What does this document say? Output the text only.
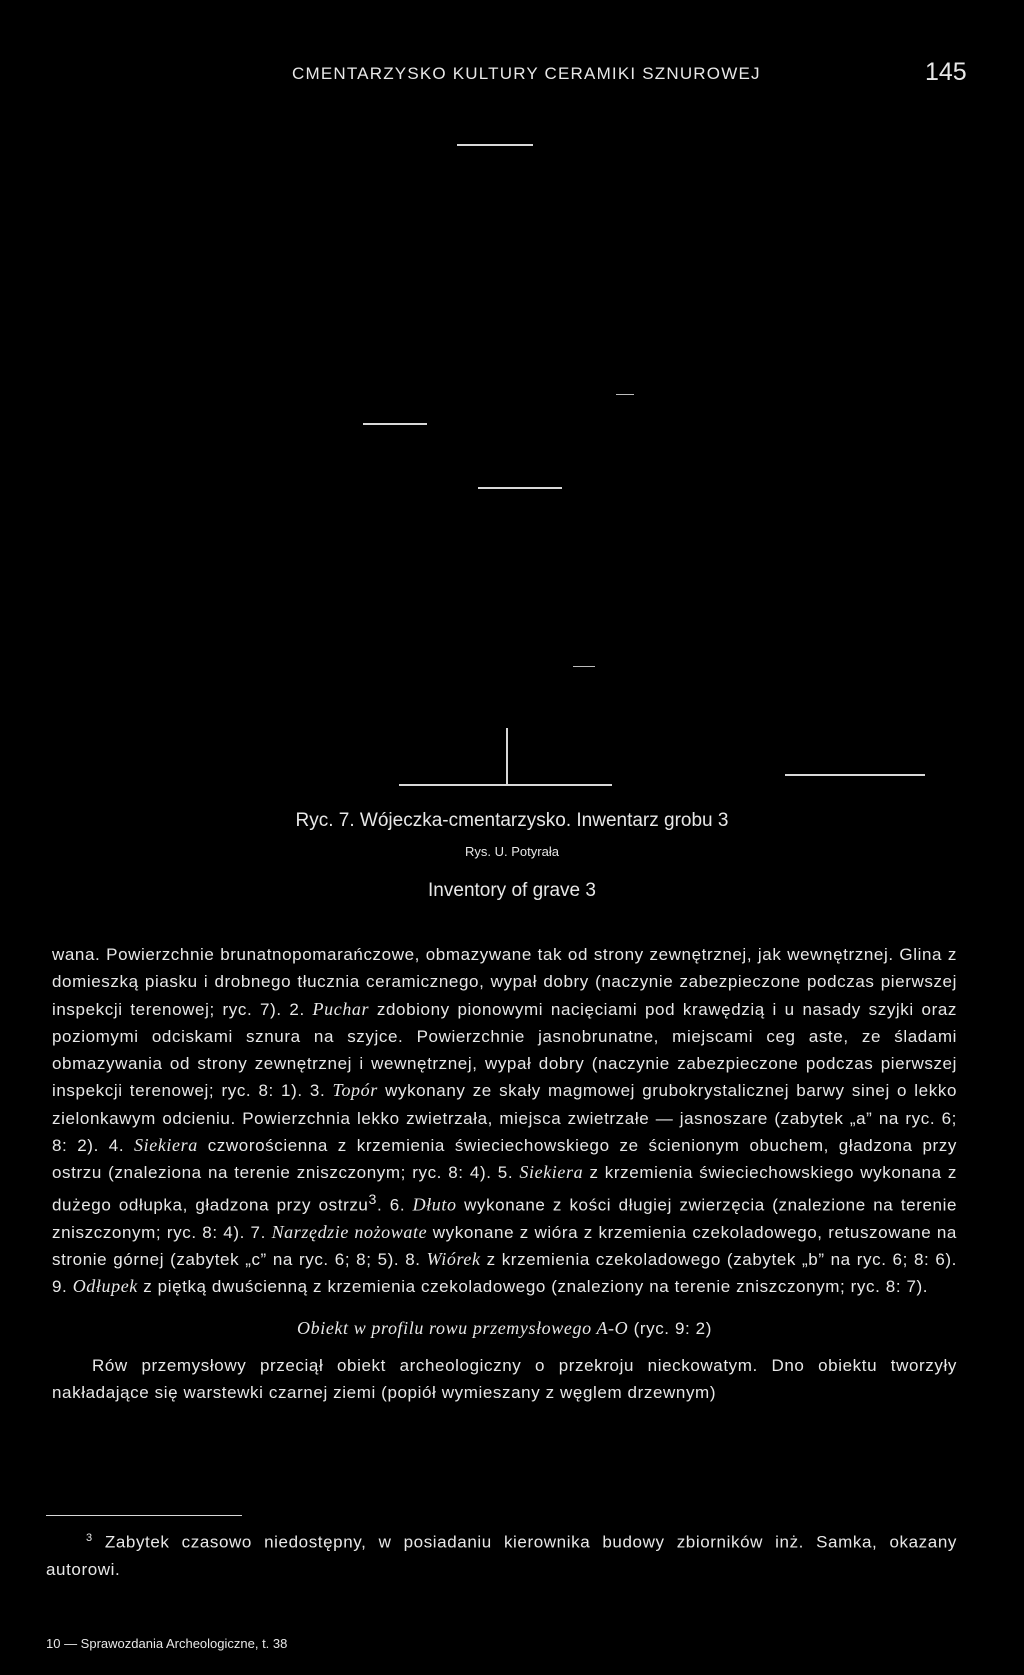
CMENTARZYSKO KULTURY CERAMIKI SZNUROWEJ	145
Ryc. 7. Wójeczka-cmentarzysko. Inwentarz grobu 3
Rys. U. Potyrała
Inventory of grave 3

wana. Powierzchnie brunatnopomarańczowe, obmazywane tak od strony zewnętrznej, jak wewnętrznej. Glina z domieszką piasku i drobnego tłucznia ceramicznego, wypał dobry (naczynie zabezpieczone podczas pierwszej inspekcji terenowej; ryc. 7). 2. Puchar zdobiony pionowymi nacięciami pod krawędzią i u nasady szyjki oraz poziomymi odciskami sznura na szyjce. Powierzchnie jasnobrunatne, miejscami ceg aste, ze śladami obmazywania od strony zewnętrznej i wewnętrznej, wypał dobry (naczynie zabezpieczone podczas pierwszej inspekcji terenowej; ryc. 8: 1). 3. Topór wykonany ze skały magmowej grubokrystalicznej barwy sinej o lekko zielonkawym odcieniu. Powierzchnia lekko zwietrzała, miejsca zwietrzałe — jasnoszare (zabytek „a” na ryc. 6; 8: 2). 4. Siekiera czworościenna z krzemienia świeciechowskiego ze ścienionym obuchem, gładzona przy ostrzu (znaleziona na terenie zniszczonym; ryc. 8: 4). 5. Siekiera z krzemienia świeciechowskiego wykonana z dużego odłupka, gładzona przy ostrzu$^3$. 6. Dłuto wykonane z kości długiej zwierzęcia (znalezione na terenie zniszczonym; ryc. 8: 4). 7. Narzędzie nożowate wykonane z wióra z krzemienia czekoladowego, retuszowane na stronie górnej (zabytek „c” na ryc. 6; 8; 5). 8. Wiórek z krzemienia czekoladowego (zabytek „b” na ryc. 6; 8: 6). 9. Odłupek z piętką dwuścienną z krzemienia czekoladowego (znaleziony na terenie zniszczonym; ryc. 8: 7).

Obiekt w profilu rowu przemysłowego A-O (ryc. 9: 2)

Rów przemysłowy przeciął obiekt archeologiczny o przekroju nieckowatym. Dno obiektu tworzyły nakładające się warstewki czarnej ziemi (popiół wymieszany z węglem drzewnym)

$^3$ Zabytek czasowo niedostępny, w posiadaniu kierownika budowy zbiorników inż. Samka, okazany autorowi.
10 — Sprawozdania Archeologiczne, t. 38
